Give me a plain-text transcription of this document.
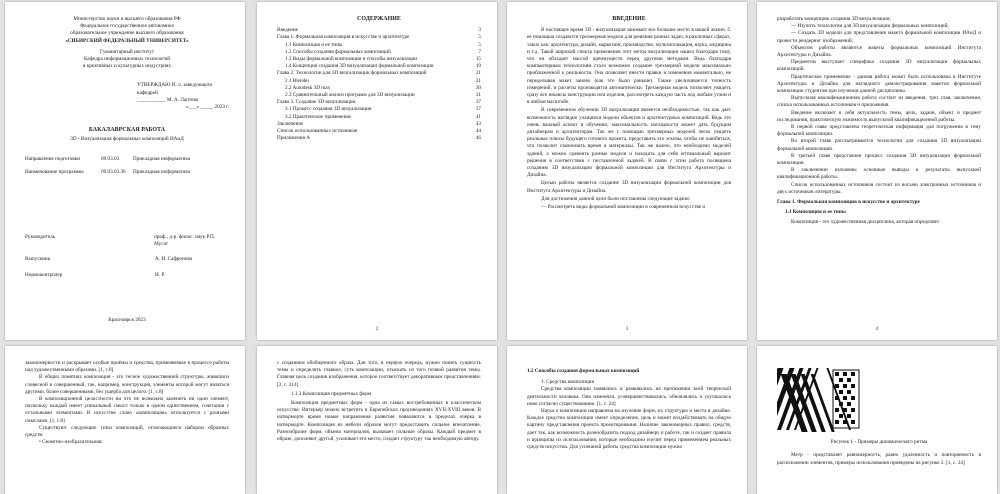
Министерство науки и высшего образования РФ
Федеральное государственное автономное
образовательное учреждение высшего образования
«СИБИРСКИЙ ФЕДЕРАЛЬНЫЙ УНИВЕРСИТЕТ»
Гуманитарный институт
Кафедра информационных технологий
в креативных и культурных индустриях
УТВЕРЖДАЮ И. о. заведующего
кафедрой
___________ М. А. Лаптева
«___» _____ 2023 г.
БАКАЛАВРСКАЯ РАБОТА
3D - Визуализация формальных композиций ИАиД
Направление подготовки	09.03.03	Прикладная информатика
Наименование программы	09.03.03.30	Прикладная информатика
Руководитель	проф., д-р. филос. наук Р.П. Мусат
Выпускник	А. И. Сафронова
Нормоконтролер	И. Р.
Красноярск 2023
СОДЕРЖАНИЕ
Введение	3
Глава 1. Формальная композиция в искусстве и архитектуре	5
1.1 Композиция и ее типы	5
1.2 Способы создания формальных композиций	7
1.3 Виды формальной композиции и способы визуализации	15
1.4 Концепция создания 3D визуализации формальной композиции	19
Глава 2. Технологии для 3D визуализации формальных композиций	21
2.1 Blender	21
2.2 Autodesk 3D max	30
2.3 Сравнительный анализ программ для 3D визуализации	31
Глава 3. Создание 3D визуализации	37
3.1 Процесс создания 3D визуализации	37
3.2 Практическое применение	41
Заключение	43
Список использованных источников	44
Приложения А	46
2
ВВЕДЕНИЕ

В настоящее время 3D - визуализация занимает все большее место в нашей жизни. С ее помощью создаются трехмерные модели для решения разных задач, в различных сферах, таких как: архитектура, дизайн, маркетинг, производство, мультипликация, наука, медицина и т.д. Такой широкий спектр применения этот метод визуализации нашел благодаря тому, что он обладает массой преимуществ перед другими методами. Ведь благодаря компьютерным технологиям стало возможно создание трехмерной модели максимально приближенной к реальности. Она позволяет внести правки и изменения моментально, не переделывая макет заново (как это было раньше). Также увеличивается точность измерений, и расчеты производятся автоматически. Трехмерная модель позволяет увидеть сразу все нюансы конструкции или изделия, рассмотреть каждую часть под любым углом и в любом масштабе.

В современном обучении 3D визуализация является необходимостью, так как дает возможность наглядно учащимся модели объектов и архитектурных композиций. Ведь это очень важный аспект в обучении, максимальность наглядности может дать будущим дизайнерам и архитекторам. Так же с помощью трехмерных моделей легко увидеть реальные плюсы будущего готового проекта, представить его эскизы, чтобы не ошибиться, что позволит сэкономить время и материалы. Так же важно, что необходимо моделей зданий, а можно сравнить разные модели и находить для себя оптимальный вариант решения в соответствии с поставленной задачей. В связи с этим работа посвящена созданию 3D визуализации формальной композиции для Института Архитектуры и Дизайна.

Целью работы является создание 3D визуализации формальной композиции для Института Архитектуры и Дизайна.

Для достижения данной цели были поставлены следующие задачи:

— Рассмотреть виды формальной композиции в современном искусстве и

3

разработать концепцию создания 3D визуализации;

— Изучить технологии для 3D визуализации формальных композиций;

— Создать 3D модели для представления макета формальной композиции ИАиД и провести рендеринг изображений;

Объектом работы являются макеты формальных композиций Института Архитектуры и Дизайна.

Предметом выступает специфика создания 3D визуализации формальных композиций.

Практическое применение - данная работа может быть использована в Институте Архитектуры и Дизайна для наглядного демонстрирования макетов формальной композиции студентам при изучении данной дисциплины.

Выпускная квалификационная работа состоит из введения, трех глав, заключения, списка использованных источников и приложения.

Введение включает в себя актуальность темы, цель, задачи, объект и предмет исследования, практическую значимость выпускной квалификационной работы.

В первой главе представлена теоретическая информация для погружения в тему формальной композиции.

Во второй главе рассматриваются технологии для создания 3D визуализации формальной композиции.

В третьей главе представлен процесс создания 3D визуализации формальной композиции.

В заключении изложены основные выводы и результаты выпускной квалификационной работы.

Список использованных источников состоит из восьми электронных источников и двух источников литературы.

Глава 1. Формальная композиция в искусстве и архитектуре
1.1 Композиция и ее типы

Композиция - это художественная дисциплина, которая определяет

4

закономерности и раскрывает особые приёмы и средства, применяемые в процессе работы над художественными образами. [1, с.8]

В общих понятиях композиция - это тесное художественной структуры, живописи словесной и совершенный, так, например, конструкция, элементы которой могут являться другими, более совершенными, без ущерба для целого. [1, с.8]

В композиционной целостности ни что не возможно заменить ни один элемент, поскольку каждый имеет уникальный смысл только в одном единственном, сочетании с остальными элементами. В искусстве слово «композиция» используется с разными смыслами. [1, с.8]

Существуют следующие типы композиций, отличающиеся набором образных средств:

• Сюжетно-изобразительная;

с созданием обобщенного образа. Для того, в первую очередь, нужно понять сущность темы и определить главное, суть композиции, отыскать из того почвой развития темы. Главная цель создания изображения, которое соответствует декоративным представлениям. [2, с. 214]

1.1.3 Композиция предметных форм

Композиция предметных форм - одна из самых востребованных в классическом искусстве. Интерьер можно встретить в Европейских произведениях XVII-XVIII веков. В натюрморте время новые направления развития появляются в пределах очерка в натюрморте. Композиция из мебели образов могут предоставить сильное впечатление. Разнообразие форм, объема материалов, вызывает сильные образы. Каждый предмет в образе, дополняет другой, усиливает его место, создает структуру так необходимую автору.

1.2 Способы создания формальных композиций

1. Средства композиции

Средства композиции появились и развивались на протяжении всей творческой деятельности человека. Они изменяли, усовершенствовались, обновлялись и улучшались ново согласно существованию. [1, с. 24]

Наука о композиции направлена на изучение форм, их структуры и места в дизайне. Каждое средство композиции имеет определение, цель и может воздействовать на общую картину представления проекта проектирования. Наличие закономерных правил, средств, дает так, как возможность разнообразить подход дизайнеру к работе, так и создает правила и принципы их использования, которые необходимо изучит перед применением реальных средств искусства. Для успешной работы средства композиции нужно

Рисунок 1 - Примеры динамического ритма

Метр - представляет равномерность, равно удаленность и повторяемость в расположении элементов, примеры использования приведены на рисунке 2. [1, с. 24]
